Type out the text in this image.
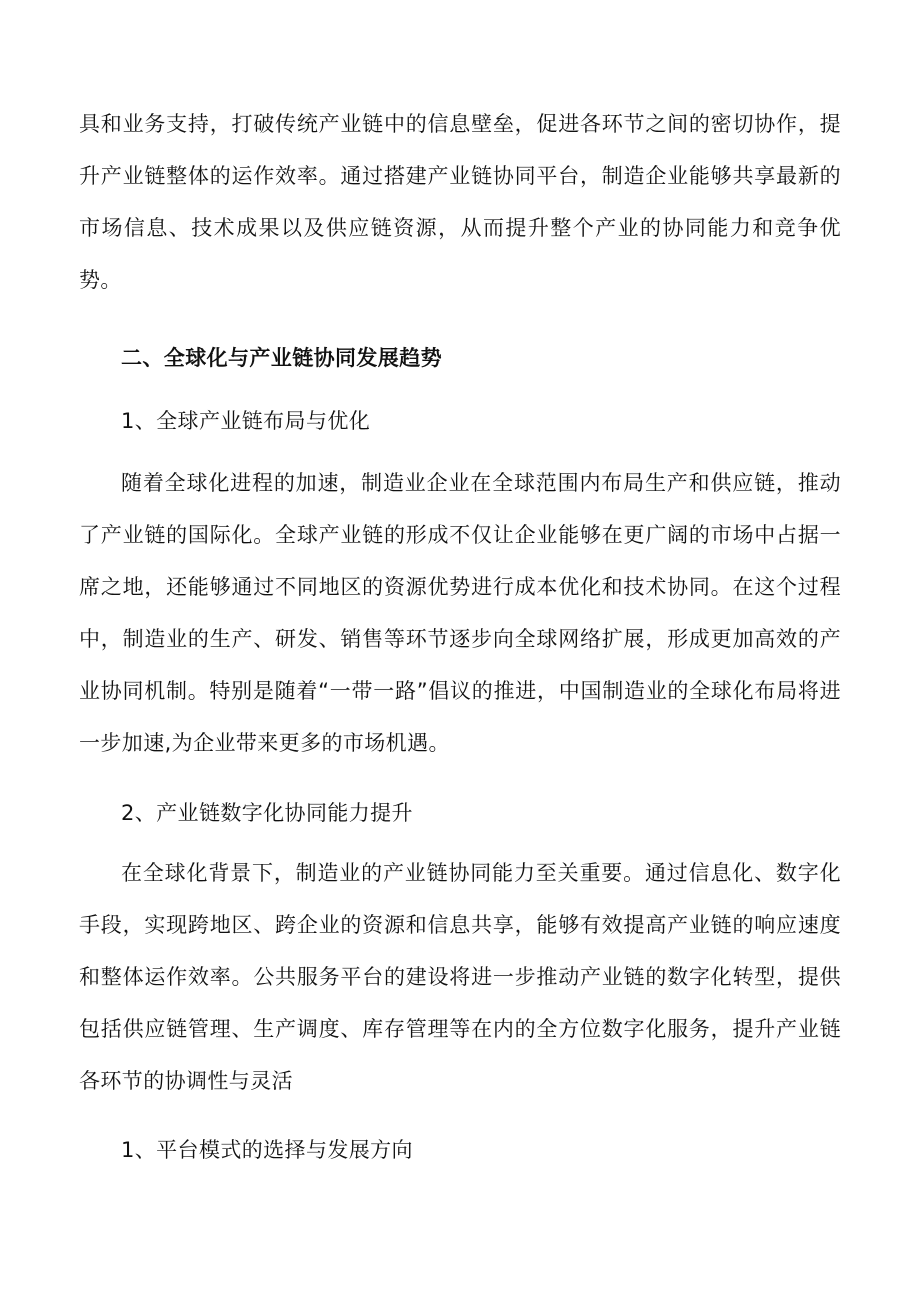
具和业务支持，打破传统产业链中的信息壁垒，促进各环节之间的密切协作，提升产业链整体的运作效率。通过搭建产业链协同平台，制造企业能够共享最新的市场信息、技术成果以及供应链资源，从而提升整个产业的协同能力和竞争优势。

二、全球化与产业链协同发展趋势
1、全球产业链布局与优化

随着全球化进程的加速，制造业企业在全球范围内布局生产和供应链，推动了产业链的国际化。全球产业链的形成不仅让企业能够在更广阔的市场中占据一席之地，还能够通过不同地区的资源优势进行成本优化和技术协同。在这个过程中，制造业的生产、研发、销售等环节逐步向全球网络扩展，形成更加高效的产业协同机制。特别是随着“一带一路”倡议的推进，中国制造业的全球化布局将进一步加速,为企业带来更多的市场机遇。

2、产业链数字化协同能力提升

在全球化背景下，制造业的产业链协同能力至关重要。通过信息化、数字化手段，实现跨地区、跨企业的资源和信息共享，能够有效提高产业链的响应速度和整体运作效率。公共服务平台的建设将进一步推动产业链的数字化转型，提供包括供应链管理、生产调度、库存管理等在内的全方位数字化服务，提升产业链各环节的协调性与灵活

1、平台模式的选择与发展方向
